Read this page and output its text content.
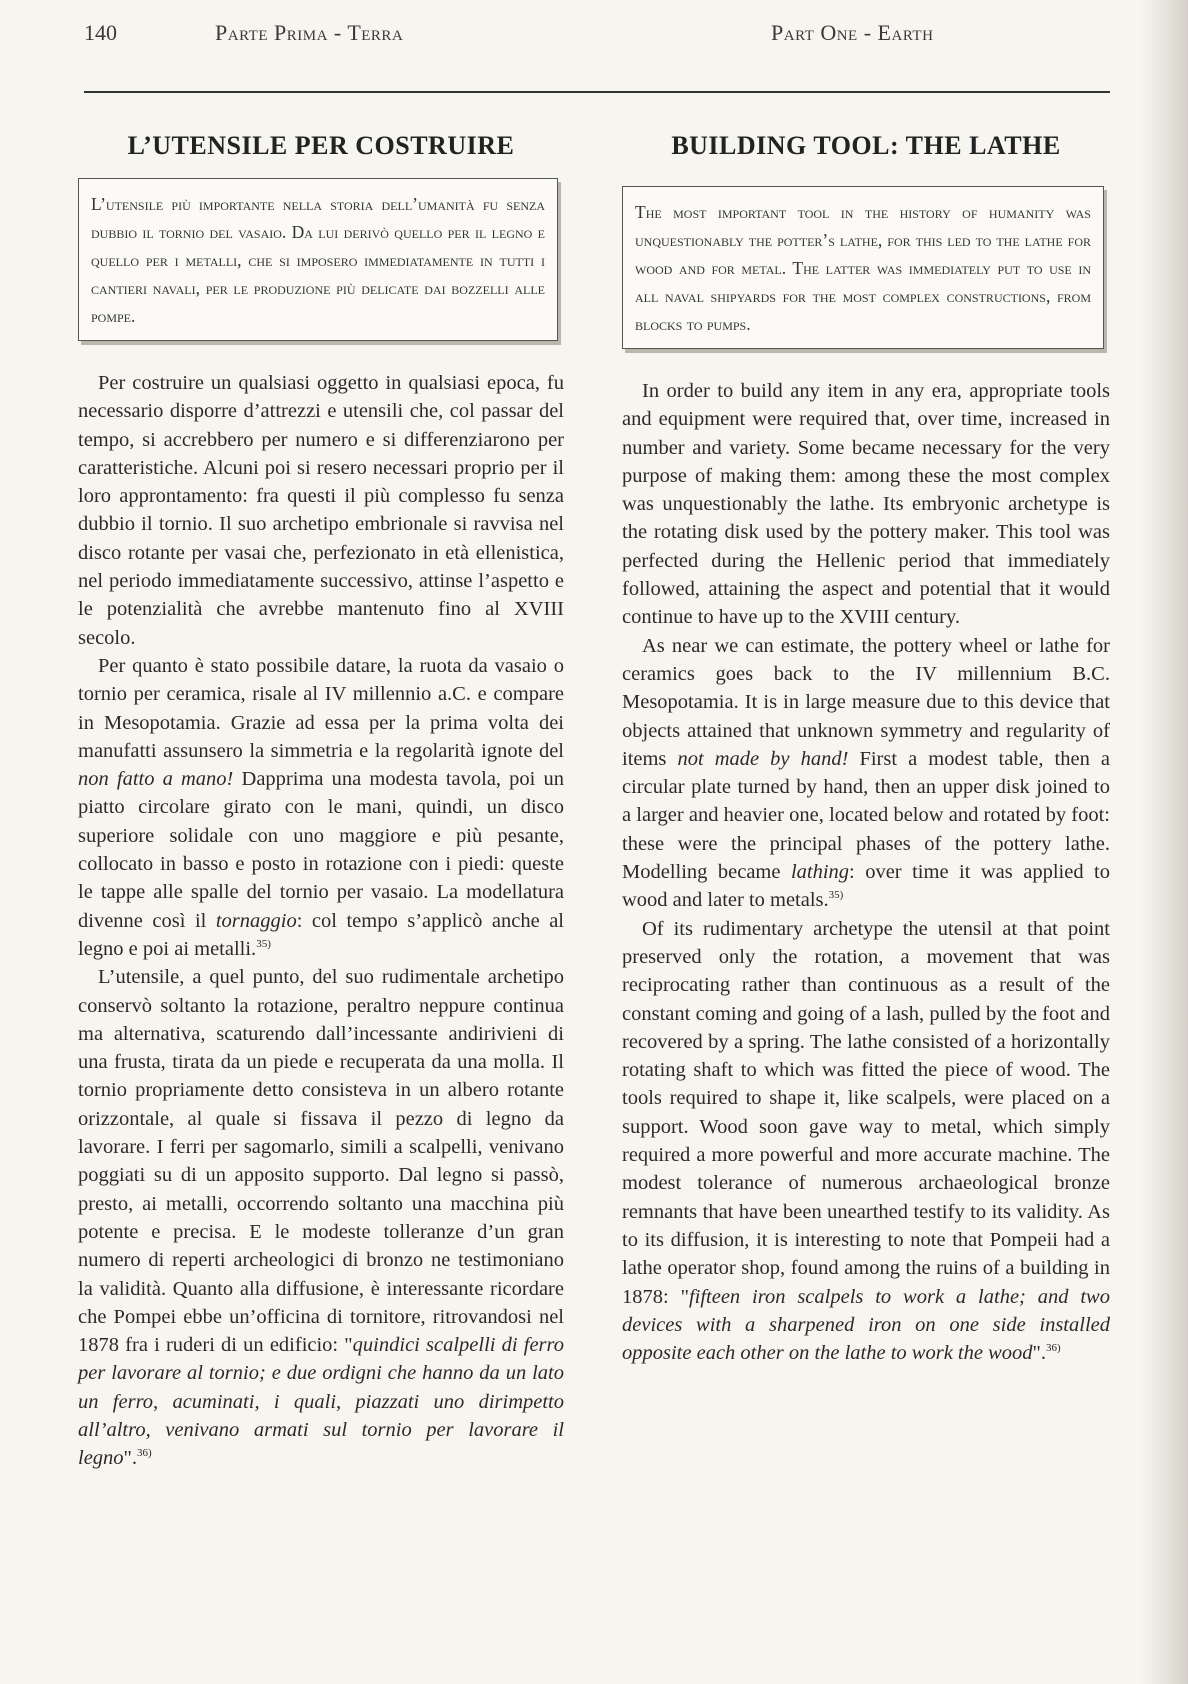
140	Parte Prima - Terra	Part One - Earth
L’UTENSILE PER COSTRUIRE
L’utensile più importante nella storia dell’umanità fu senza dubbio il tornio del vasaio. Da lui derivò quello per il legno e quello per i metalli, che si imposero immediatamente in tutti i cantieri navali, per le produzione più delicate dai bozzelli alle pompe.

Per costruire un qualsiasi oggetto in qualsiasi epoca, fu necessario disporre d’attrezzi e utensili che, col passar del tempo, si accrebbero per numero e si differenziarono per caratteristiche. Alcuni poi si resero necessari proprio per il loro approntamento: fra questi il più complesso fu senza dubbio il tornio. Il suo archetipo embrionale si ravvisa nel disco rotante per vasai che, perfezionato in età ellenistica, nel periodo immediatamente successivo, attinse l’aspetto e le potenzialità che avrebbe mantenuto fino al XVIII secolo.

Per quanto è stato possibile datare, la ruota da vasaio o tornio per ceramica, risale al IV millennio a.C. e compare in Mesopotamia. Grazie ad essa per la prima volta dei manufatti assunsero la simmetria e la regolarità ignote del non fatto a mano! Dapprima una modesta tavola, poi un piatto circolare girato con le mani, quindi, un disco superiore solidale con uno maggiore e più pesante, collocato in basso e posto in rotazione con i piedi: queste le tappe alle spalle del tornio per vasaio. La modellatura divenne così il tornaggio: col tempo s’applicò anche al legno e poi ai metalli.$^{35)}$

L’utensile, a quel punto, del suo rudimentale archetipo conservò soltanto la rotazione, peraltro neppure continua ma alternativa, scaturendo dall’incessante andirivieni di una frusta, tirata da un piede e recuperata da una molla. Il tornio propriamente detto consisteva in un albero rotante orizzontale, al quale si fissava il pezzo di legno da lavorare. I ferri per sagomarlo, simili a scalpelli, venivano poggiati su di un apposito supporto. Dal legno si passò, presto, ai metalli, occorrendo soltanto una macchina più potente e precisa. E le modeste tolleranze d’un gran numero di reperti archeologici di bronzo ne testimoniano la validità. Quanto alla diffusione, è interessante ricordare che Pompei ebbe un’officina di tornitore, ritrovandosi nel 1878 fra i ruderi di un edificio: "quindici scalpelli di ferro per lavorare al tornio; e due ordigni che hanno da un lato un ferro, acuminati, i quali, piazzati uno dirimpetto all’altro, venivano armati sul tornio per lavorare il legno".$^{36)}$

BUILDING TOOL: THE LATHE
The most important tool in the history of humanity was unquestionably the potter’s lathe, for this led to the lathe for wood and for metal. The latter was immediately put to use in all naval shipyards for the most complex constructions, from blocks to pumps.

In order to build any item in any era, appropriate tools and equipment were required that, over time, increased in number and variety. Some became necessary for the very purpose of making them: among these the most complex was unquestionably the lathe. Its embryonic archetype is the rotating disk used by the pottery maker. This tool was perfected during the Hellenic period that immediately followed, attaining the aspect and potential that it would continue to have up to the XVIII century.

As near we can estimate, the pottery wheel or lathe for ceramics goes back to the IV millennium B.C. Mesopotamia. It is in large measure due to this device that objects attained that unknown symmetry and regularity of items not made by hand! First a modest table, then a circular plate turned by hand, then an upper disk joined to a larger and heavier one, located below and rotated by foot: these were the principal phases of the pottery lathe. Modelling became lathing: over time it was applied to wood and later to metals.$^{35)}$

Of its rudimentary archetype the utensil at that point preserved only the rotation, a movement that was reciprocating rather than continuous as a result of the constant coming and going of a lash, pulled by the foot and recovered by a spring. The lathe consisted of a horizontally rotating shaft to which was fitted the piece of wood. The tools required to shape it, like scalpels, were placed on a support. Wood soon gave way to metal, which simply required a more powerful and more accurate machine. The modest tolerance of numerous archaeological bronze remnants that have been unearthed testify to its validity. As to its diffusion, it is interesting to note that Pompeii had a lathe operator shop, found among the ruins of a building in 1878: "fifteen iron scalpels to work a lathe; and two devices with a sharpened iron on one side installed opposite each other on the lathe to work the wood".$^{36)}$
